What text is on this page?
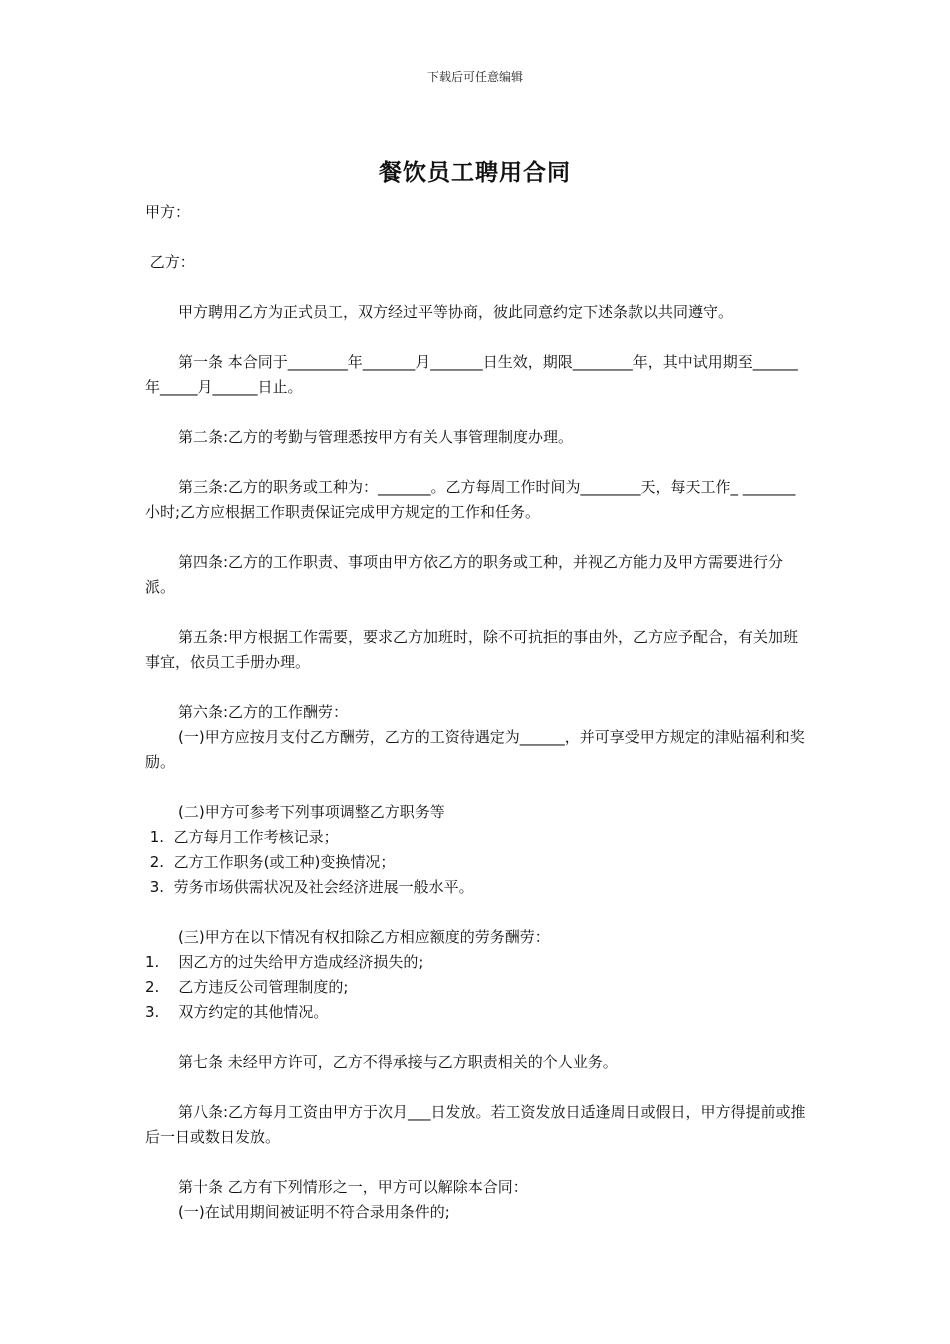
下载后可任意编辑
餐饮员工聘用合同

甲方：

乙方：

甲方聘用乙方为正式员工，双方经过平等协商，彼此同意约定下述条款以共同遵守。

第一条 本合同于________年_______月_______日生效，期限________年，其中试用期至______年_____月______日止。

第二条:乙方的考勤与管理悉按甲方有关人事管理制度办理。

第三条:乙方的职务或工种为：_______。乙方每周工作时间为________天，每天工作_ _______小时;乙方应根据工作职责保证完成甲方规定的工作和任务。

第四条:乙方的工作职责、事项由甲方依乙方的职务或工种，并视乙方能力及甲方需要进行分派。

第五条:甲方根据工作需要，要求乙方加班时，除不可抗拒的事由外，乙方应予配合，有关加班事宜，依员工手册办理。

第六条:乙方的工作酬劳：

(一)甲方应按月支付乙方酬劳，乙方的工资待遇定为______，并可享受甲方规定的津贴福利和奖励。

(二)甲方可参考下列事项调整乙方职务等

1.  乙方每月工作考核记录；

2.  乙方工作职务(或工种)变换情况；

3.  劳务市场供需状况及社会经济进展一般水平。

(三)甲方在以下情况有权扣除乙方相应额度的劳务酬劳：

1.    因乙方的过失给甲方造成经济损失的;

2.    乙方违反公司管理制度的;

3.    双方约定的其他情况。

第七条 未经甲方许可，乙方不得承接与乙方职责相关的个人业务。

第八条:乙方每月工资由甲方于次月___日发放。若工资发放日适逢周日或假日，甲方得提前或推后一日或数日发放。

第十条 乙方有下列情形之一，甲方可以解除本合同：

(一)在试用期间被证明不符合录用条件的;
